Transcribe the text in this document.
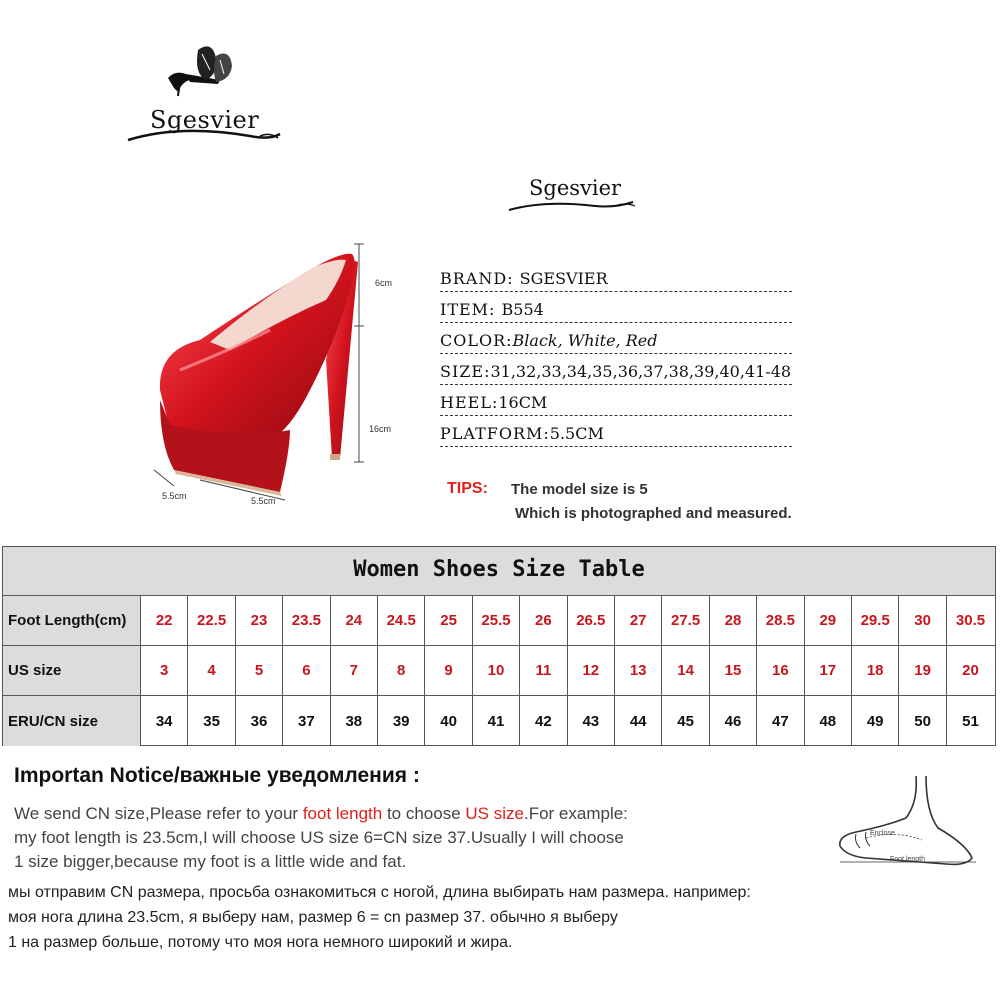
Sgesvier
Sgesvier
6cm
16cm
5.5cm	5.5cm
BRAND: SGESVIER
ITEM: B554
COLOR:Black, White, Red
SIZE:31,32,33,34,35,36,37,38,39,40,41-48
HEEL:16CM
PLATFORM:5.5CM
TIPS: The model size is 5
Which is photographed and measured.
Women Shoes Size Table
Foot Length(cm)	22	22.5	23	23.5	24	24.5	25	25.5	26	26.5	27	27.5	28	28.5	29	29.5	30	30.5
US size	3	4	5	6	7	8	9	10	11	12	13	14	15	16	17	18	19	20
ERU/CN size	34	35	36	37	38	39	40	41	42	43	44	45	46	47	48	49	50	51
Importan Notice/важные уведомления :
We send CN size,Please refer to your foot length to choose US size.For example:
my foot length is 23.5cm,I will choose US size 6=CN size 37.Usually I will choose
1 size bigger,because my foot is a little wide and fat.
мы отправим CN размера, просьба ознакомиться с ногой, длина выбирать нам размера. например:
моя нога длина 23.5cm, я выберу нам, размер 6 = cn размер 37. обычно я выберу
1 на размер больше, потому что моя нога немного широкий и жира.
Enclose
Foot length
